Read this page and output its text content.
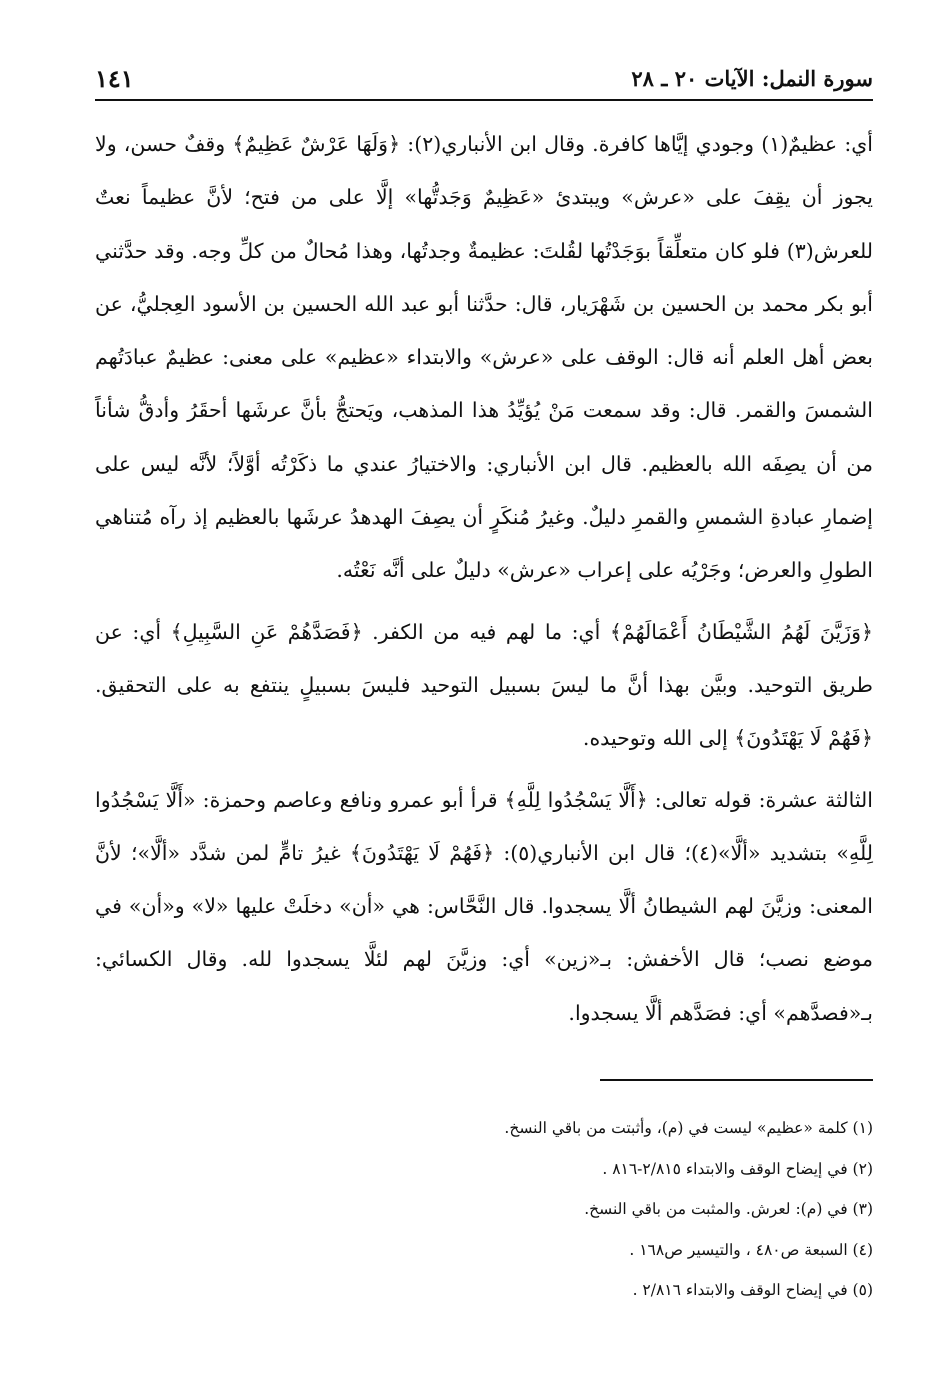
سورة النمل: الآيات ٢٠ ـ ٢٨
١٤١

أي: عظيمٌ(١) وجودي إيَّاها كافرة. وقال ابن الأنباري(٢): ﴿وَلَهَا عَرْشٌ عَظِيمٌ﴾ وقفٌ حسن، ولا يجوز أن يقِفَ على «عرش» ويبتدئ «عَظِيمٌ وَجَدتُّها» إلَّا على من فتح؛ لأنَّ عظيماً نعتٌ للعرش(٣) فلو كان متعلِّقاً بوَجَدْتُها لقُلتَ: عظيمةٌ وجدتُها، وهذا مُحالٌ من كلِّ وجه. وقد حدَّثني أبو بكر محمد بن الحسين بن شَهْرَيار، قال: حدَّثنا أبو عبد الله الحسين بن الأسود العِجليُّ، عن بعض أهل العلم أنه قال: الوقف على «عرش» والابتداء «عظيم» على معنى: عظيمٌ عبادَتُهم الشمسَ والقمر. قال: وقد سمعت مَنْ يُؤيِّدُ هذا المذهب، ويَحتجُّ بأنَّ عرشَها أحقَرُ وأدقُّ شأناً من أن يصِفَه الله بالعظيم. قال ابن الأنباري: والاختيارُ عندي ما ذكَرْتُه أوَّلاً؛ لأنَّه ليس على إضمارِ عبادةِ الشمسِ والقمرِ دليلٌ. وغيرُ مُنكَرٍ أن يصِفَ الهدهدُ عرشَها بالعظيم إذ رآه مُتناهي الطولِ والعرض؛ وجَرْيُه على إعراب «عرش» دليلٌ على أنَّه نَعْتُه.

﴿وَزَيَّنَ لَهُمُ الشَّيْطَانُ أَعْمَالَهُمْ﴾ أي: ما لهم فيه من الكفر. ﴿فَصَدَّهُمْ عَنِ السَّبِيلِ﴾ أي: عن طريق التوحيد. وبيَّن بهذا أنَّ ما ليسَ بسبيل التوحيد فليسَ بسبيلٍ ينتفع به على التحقيق. ﴿فَهُمْ لَا يَهْتَدُونَ﴾ إلى الله وتوحيده.

الثالثة عشرة: قوله تعالى: ﴿أَلَّا يَسْجُدُوا لِلَّهِ﴾ قرأ أبو عمرو ونافع وعاصم وحمزة: «أَلَّا يَسْجُدُوا لِلَّهِ» بتشديد «ألَّا»(٤)؛ قال ابن الأنباري(٥): ﴿فَهُمْ لَا يَهْتَدُونَ﴾ غيرُ تامٍّ لمن شدَّد «ألَّا»؛ لأنَّ المعنى: وزيَّنَ لهم الشيطانُ ألَّا يسجدوا. قال النَّحَّاس: هي «أن» دخلَتْ عليها «لا» و«أن» في موضع نصب؛ قال الأخفش: بـ«زين» أي: وزيَّنَ لهم لئلَّا يسجدوا لله. وقال الكسائي: بـ«فصدَّهم» أي: فصَدَّهم ألَّا يسجدوا.

(١) كلمة «عظيم» ليست في (م)، وأثبتت من باقي النسخ.
(٢) في إيضاح الوقف والابتداء ٢/٨١٥-٨١٦ .
(٣) في (م): لعرش. والمثبت من باقي النسخ.
(٤) السبعة ص٤٨٠ ، والتيسير ص١٦٨ .
(٥) في إيضاح الوقف والابتداء ٢/٨١٦ .
